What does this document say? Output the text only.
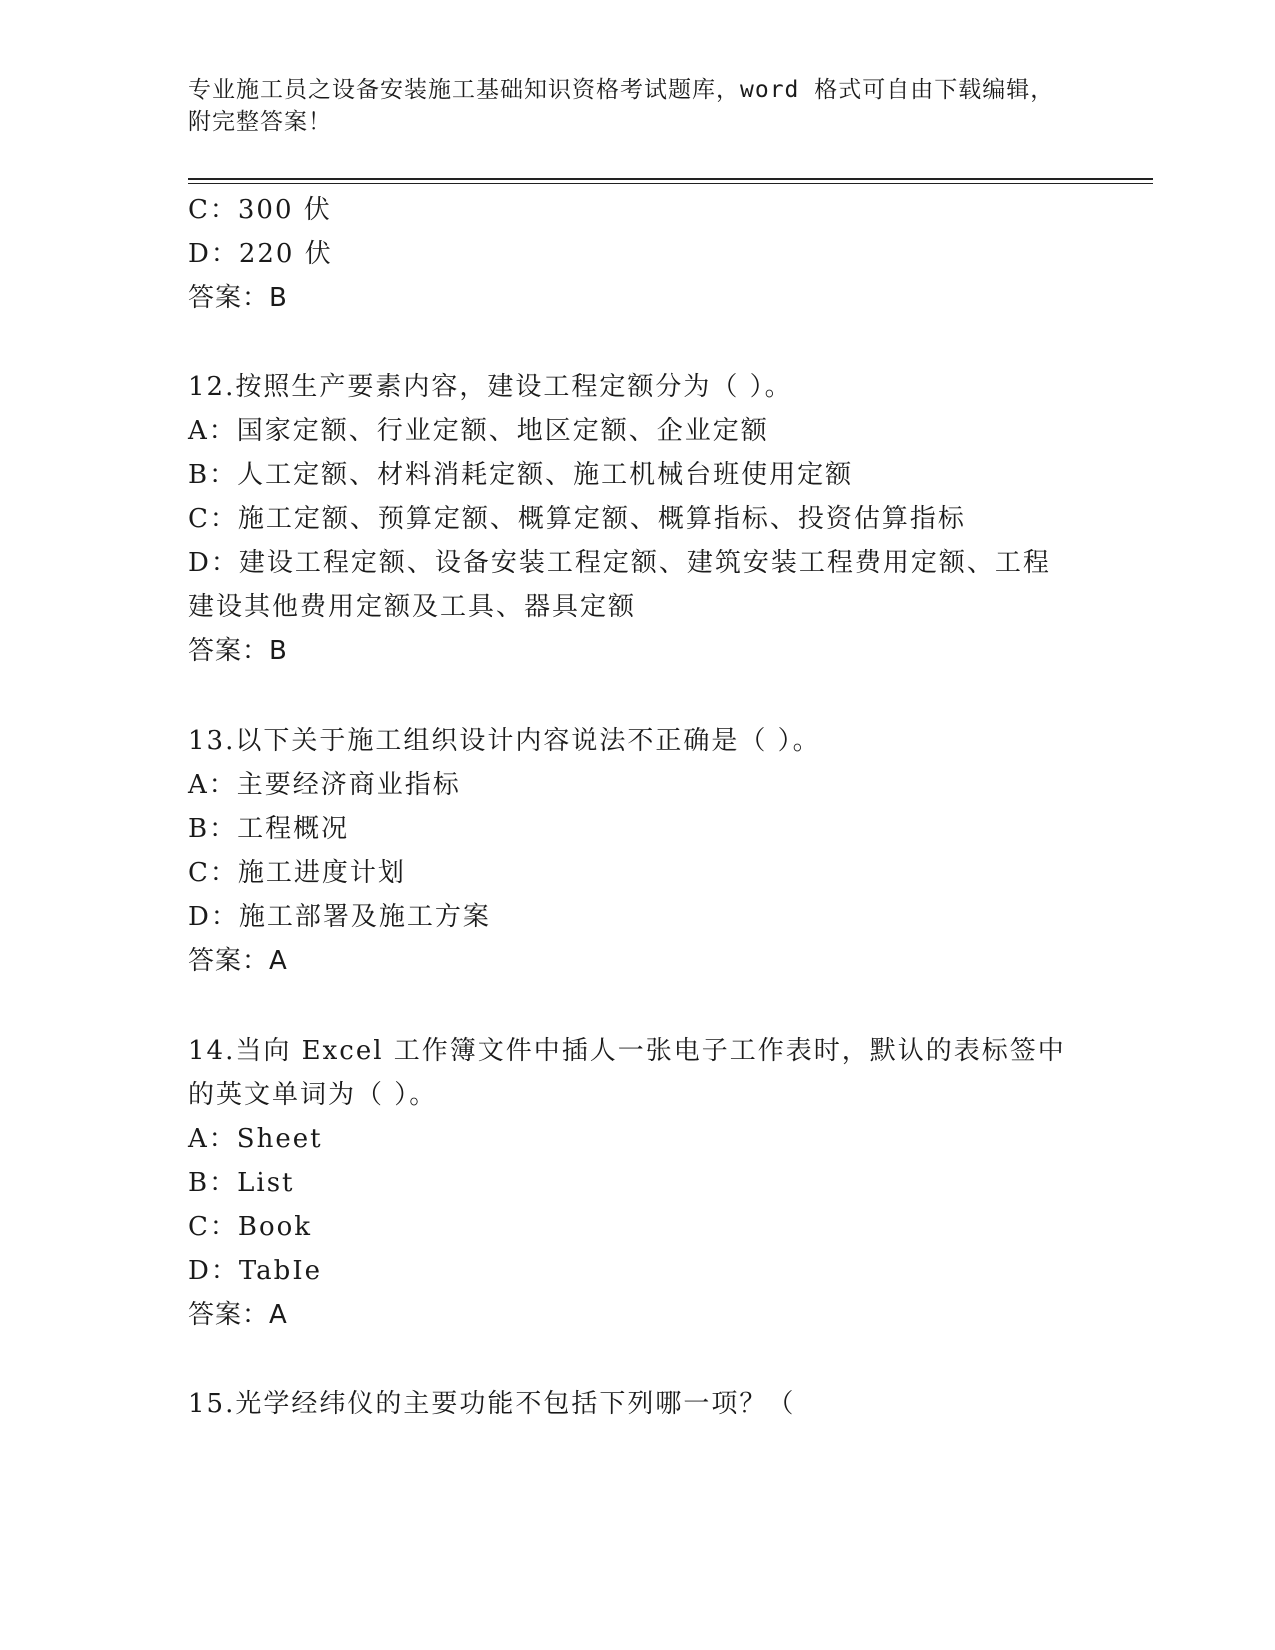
专业施工员之设备安装施工基础知识资格考试题库，word 格式可自由下载编辑，
附完整答案！
C：300 伏
D：220 伏
答案：B
12.按照生产要素内容，建设工程定额分为（ ）。
A：国家定额、行业定额、地区定额、企业定额
B：人工定额、材料消耗定额、施工机械台班使用定额
C：施工定额、预算定额、概算定额、概算指标、投资估算指标
D：建设工程定额、设备安装工程定额、建筑安装工程费用定额、工程
建设其他费用定额及工具、器具定额
答案：B
13.以下关于施工组织设计内容说法不正确是（ ）。
A：主要经济商业指标
B：工程概况
C：施工进度计划
D：施工部署及施工方案
答案：A
14.当向 Excel 工作簿文件中插人一张电子工作表时，默认的表标签中
的英文单词为（ ）。
A：Sheet
B：List
C：Book
D：TabIe
答案：A
15.光学经纬仪的主要功能不包括下列哪一项？（
